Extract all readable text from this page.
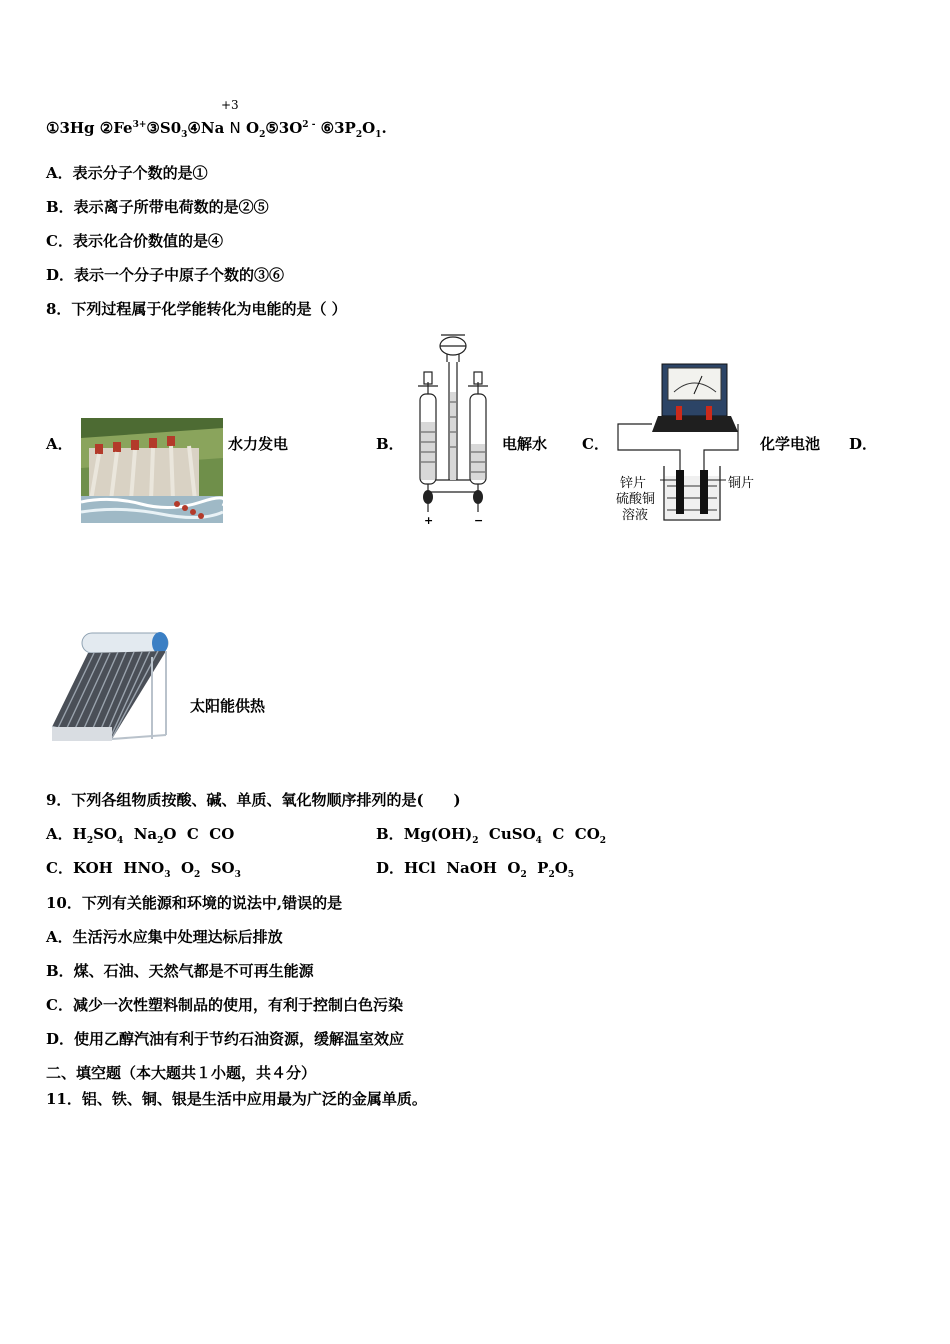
+3
①3Hg $②Fe^{3+}③S0_3④Na$ N $O_2⑤3O^{2 -}$ $⑥3P_2O_1$.
A．表示分子个数的是①
B．表示离子所带电荷数的是②⑤
C．表示化合价数值的是④
D．表示一个分子中原子个数的③⑥
8．下列过程属于化学能转化为电能的是（ ）
A．	水力发电	B．
+	−
电解水 C．
锌片	铜片
硫酸铜
溶液
化学电池 D．
太阳能供热
9．下列各组物质按酸、碱、单质、氧化物顺序排列的是(　　)
A．$H_2SO_4$  $Na_2O$  C  CO	B．$Mg(OH)_2$  CuSO$_4$  C  $CO_2$
C．KOH  $HNO_3$  $O_2$  $SO_3$	D．HCl  NaOH  $O_2$  $P_2O_5$
10．下列有关能源和环境的说法中,错误的是
A．生活污水应集中处理达标后排放
B．煤、石油、天然气都是不可再生能源
C．减少一次性塑料制品的使用，有利于控制白色污染
D．使用乙醇汽油有利于节约石油资源，缓解温室效应
二、填空题（本大题共１小题，共４分）
11．铝、铁、铜、银是生活中应用最为广泛的金属单质。
